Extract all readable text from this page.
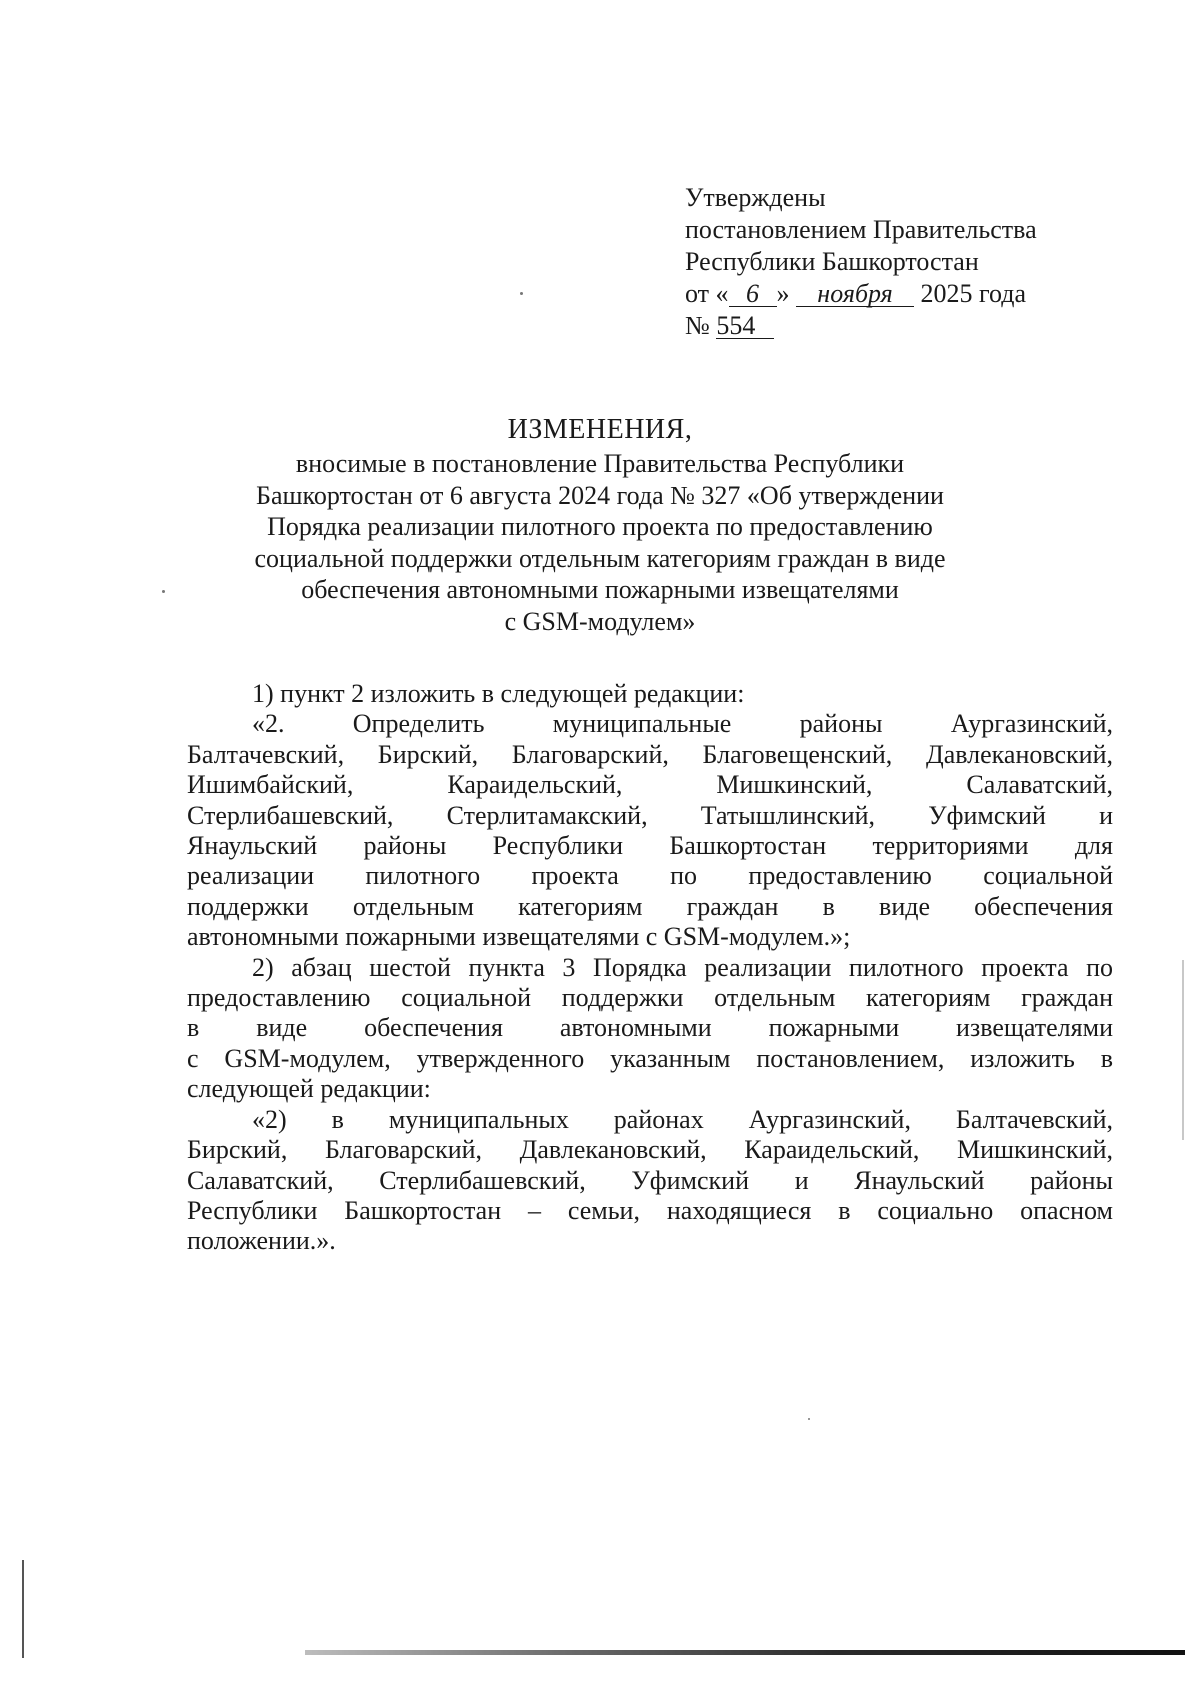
Утверждены
постановлением Правительства
Республики Башкортостан
от « 6 » ноября 2025 года
№ 554
ИЗМЕНЕНИЯ,
вносимые в постановление Правительства Республики
Башкортостан от 6 августа 2024 года № 327 «Об утверждении
Порядка реализации пилотного проекта по предоставлению
социальной поддержки отдельным категориям граждан в виде
обеспечения автономными пожарными извещателями
с GSM-модулем»
1) пункт 2 изложить в следующей редакции:
«2. Определить муниципальные районы Аургазинский,
Балтачевский, Бирский, Благоварский, Благовещенский, Давлекановский,
Ишимбайский, Караидельский, Мишкинский, Салаватский,
Стерлибашевский, Стерлитамакский, Татышлинский, Уфимский и
Янаульский районы Республики Башкортостан территориями для
реализации пилотного проекта по предоставлению социальной
поддержки отдельным категориям граждан в виде обеспечения
автономными пожарными извещателями с GSM-модулем.»;
2) абзац шестой пункта 3 Порядка реализации пилотного проекта по
предоставлению социальной поддержки отдельным категориям граждан
в виде обеспечения автономными пожарными извещателями
с GSM-модулем, утвержденного указанным постановлением, изложить в
следующей редакции:
«2) в муниципальных районах Аургазинский, Балтачевский,
Бирский, Благоварский, Давлекановский, Караидельский, Мишкинский,
Салаватский, Стерлибашевский, Уфимский и Янаульский районы
Республики Башкортостан – семьи, находящиеся в социально опасном
положении.».
